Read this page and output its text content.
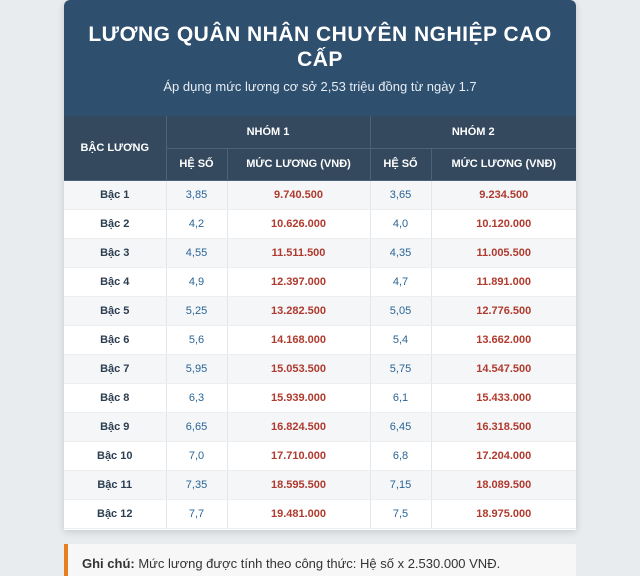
LƯƠNG QUÂN NHÂN CHUYÊN NGHIỆP CAO CẤP

Áp dụng mức lương cơ sở 2,53 triệu đồng từ ngày 1.7

BẬC LƯƠNG	NHÓM 1		NHÓM 2	
	HỆ SỐ	MỨC LƯƠNG (VNĐ)	HỆ SỐ	MỨC LƯƠNG (VNĐ)
Bậc 1	3,85	9.740.500	3,65	9.234.500
Bậc 2	4,2	10.626.000	4,0	10.120.000
Bậc 3	4,55	11.511.500	4,35	11.005.500
Bậc 4	4,9	12.397.000	4,7	11.891.000
Bậc 5	5,25	13.282.500	5,05	12.776.500
Bậc 6	5,6	14.168.000	5,4	13.662.000
Bậc 7	5,95	15.053.500	5,75	14.547.500
Bậc 8	6,3	15.939.000	6,1	15.433.000
Bậc 9	6,65	16.824.500	6,45	16.318.500
Bậc 10	7,0	17.710.000	6,8	17.204.000
Bậc 11	7,35	18.595.500	7,15	18.089.500
Bậc 12	7,7	19.481.000	7,5	18.975.000
Ghi chú: Mức lương được tính theo công thức: Hệ số x 2.530.000 VNĐ.
